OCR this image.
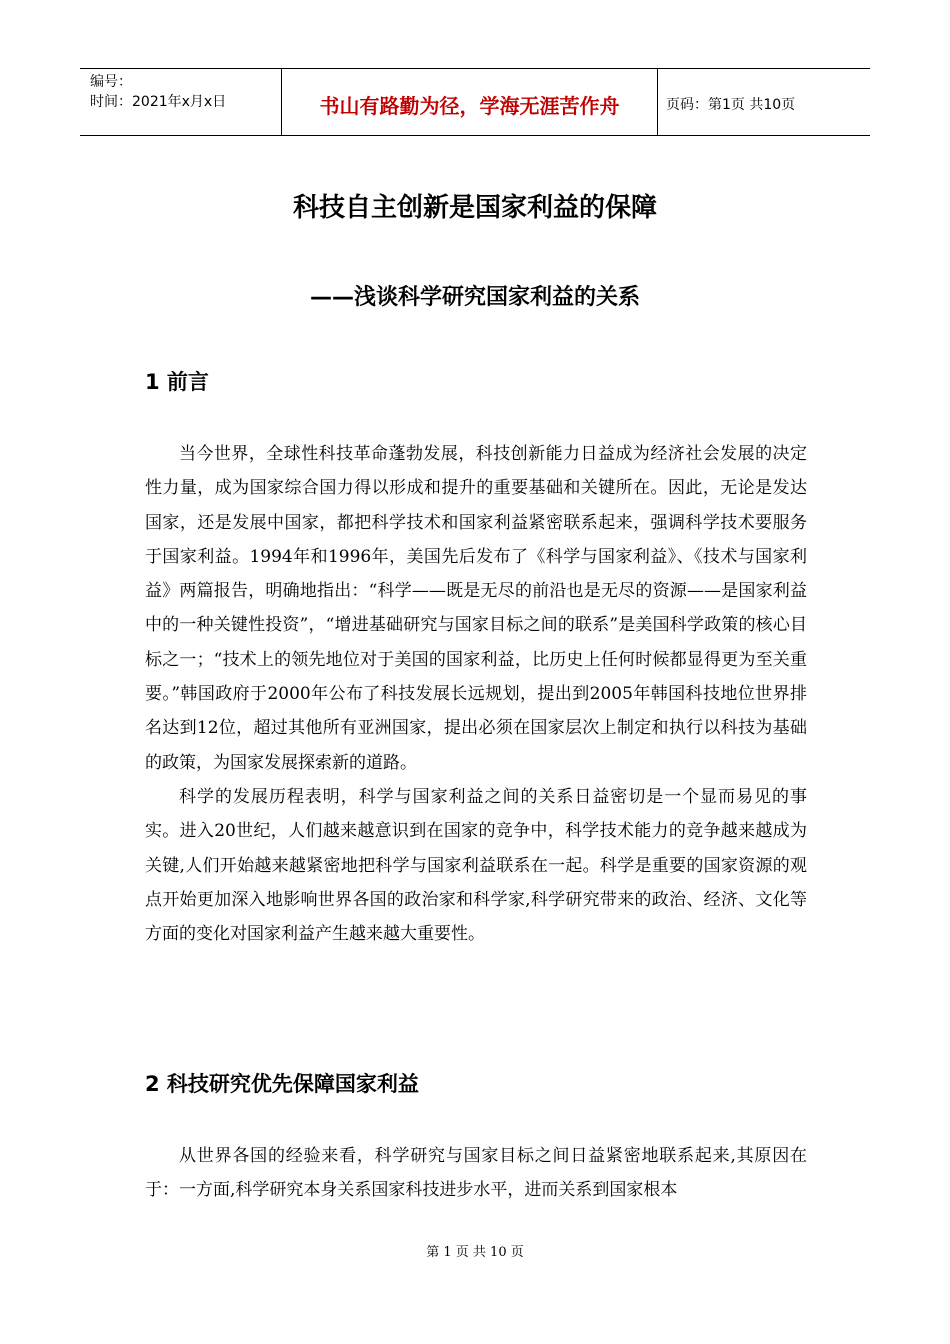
编号：
时间：2021年x月x日	书山有路勤为径，学海无涯苦作舟	页码：第1页 共10页
科技自主创新是国家利益的保障
——浅谈科学研究国家利益的关系
1 前言

当今世界，全球性科技革命蓬勃发展，科技创新能力日益成为经济社会发展的决定性力量，成为国家综合国力得以形成和提升的重要基础和关键所在。因此，无论是发达国家，还是发展中国家，都把科学技术和国家利益紧密联系起来，强调科学技术要服务于国家利益。1994年和1996年，美国先后发布了《科学与国家利益》、《技术与国家利益》两篇报告，明确地指出：“科学——既是无尽的前沿也是无尽的资源——是国家利益中的一种关键性投资”，“增进基础研究与国家目标之间的联系”是美国科学政策的核心目标之一；“技术上的领先地位对于美国的国家利益，比历史上任何时候都显得更为至关重要。”韩国政府于2000年公布了科技发展长远规划，提出到2005年韩国科技地位世界排名达到12位，超过其他所有亚洲国家，提出必须在国家层次上制定和执行以科技为基础的政策，为国家发展探索新的道路。

科学的发展历程表明，科学与国家利益之间的关系日益密切是一个显而易见的事实。进入20世纪，人们越来越意识到在国家的竞争中，科学技术能力的竞争越来越成为关键,人们开始越来越紧密地把科学与国家利益联系在一起。科学是重要的国家资源的观点开始更加深入地影响世界各国的政治家和科学家,科学研究带来的政治、经济、文化等方面的变化对国家利益产生越来越大重要性。

2 科技研究优先保障国家利益

从世界各国的经验来看，科学研究与国家目标之间日益紧密地联系起来,其原因在于：一方面,科学研究本身关系国家科技进步水平，进而关系到国家根本

第 1 页 共 10 页
